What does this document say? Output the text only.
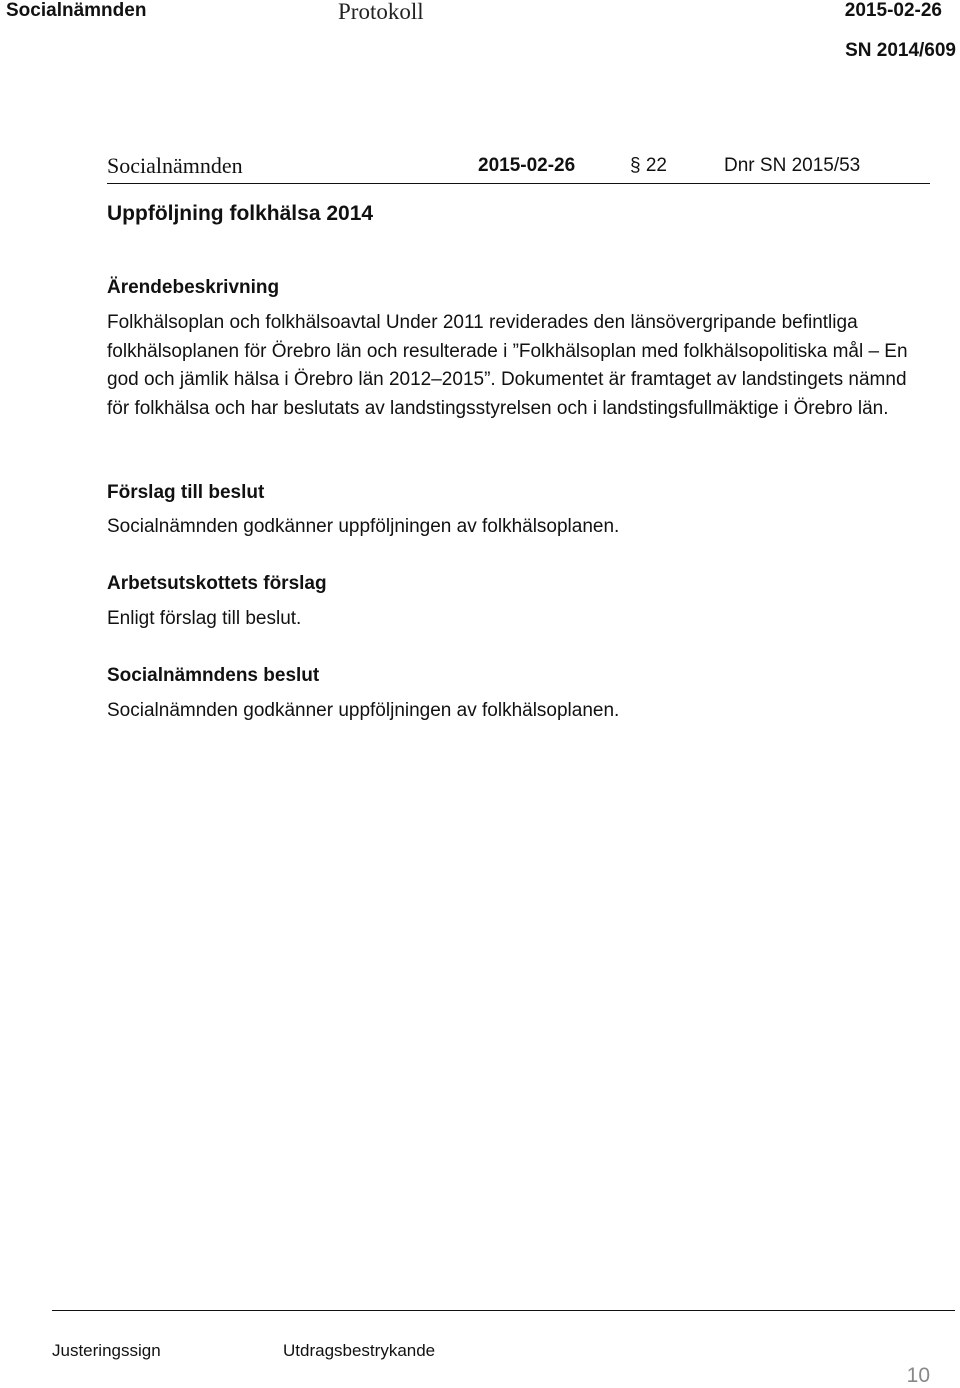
Socialnämnden	Protokoll	2015-02-26
SN 2014/609
Socialnämnden	2015-02-26	§ 22	Dnr SN 2015/53
Uppföljning folkhälsa 2014
Ärendebeskrivning
Folkhälsoplan och folkhälsoavtal Under 2011 reviderades den länsövergripande befintliga folkhälsoplanen för Örebro län och resulterade i ”Folkhälsoplan med folkhälsopolitiska mål – En god och jämlik hälsa i Örebro län 2012–2015”. Dokumentet är framtaget av landstingets nämnd för folkhälsa och har beslutats av landstingsstyrelsen och i landstingsfullmäktige i Örebro län.
Förslag till beslut
Socialnämnden godkänner uppföljningen av folkhälsoplanen.
Arbetsutskottets förslag
Enligt förslag till beslut.
Socialnämndens beslut
Socialnämnden godkänner uppföljningen av folkhälsoplanen.
Justeringssign	Utdragsbestrykande
10
